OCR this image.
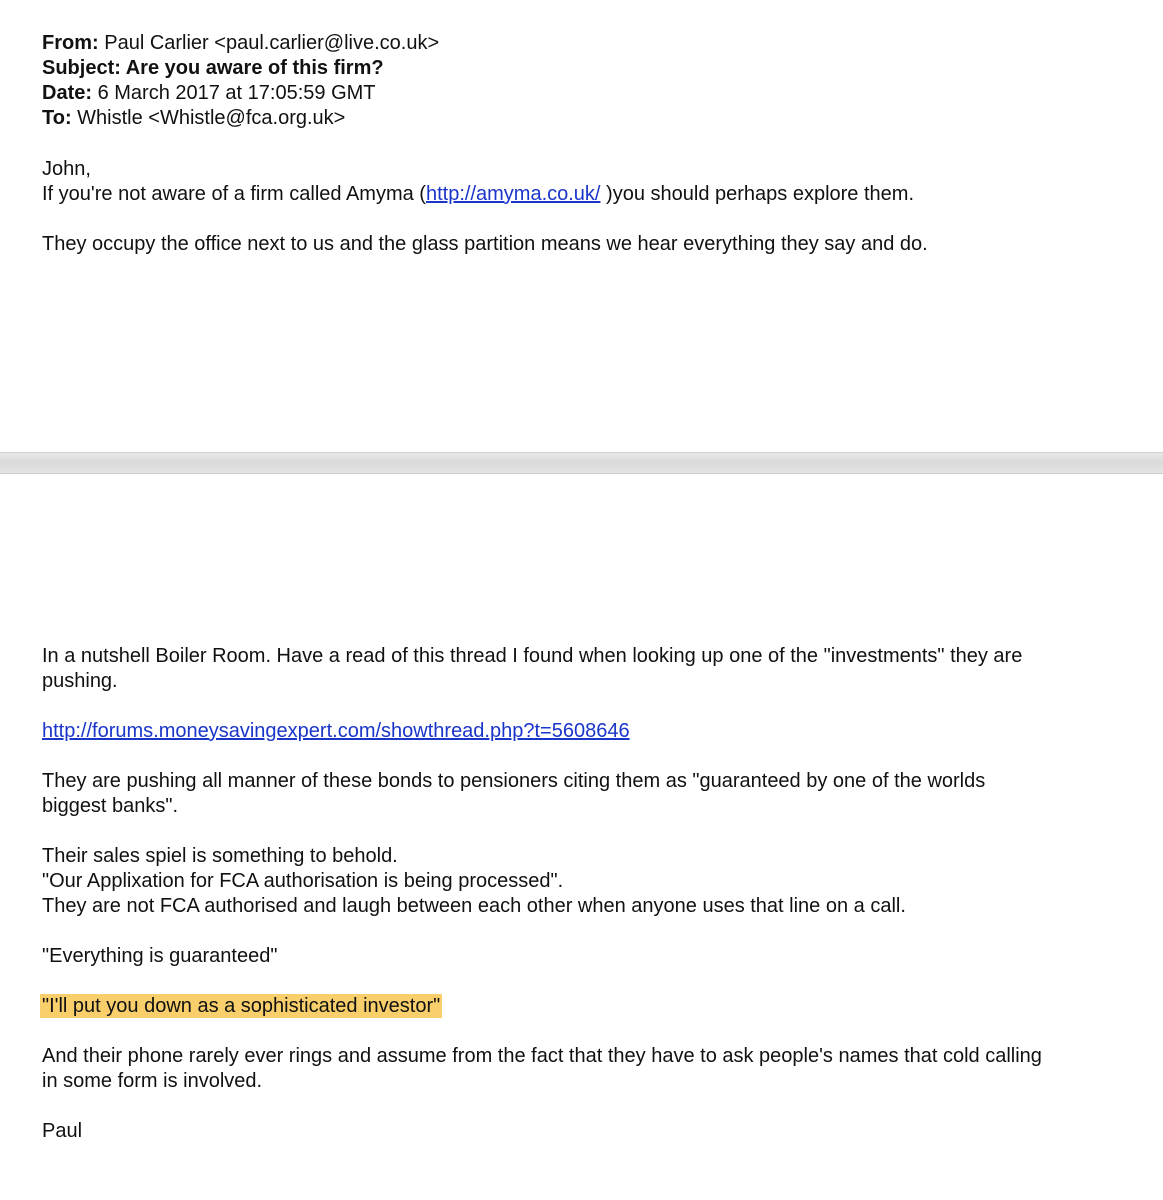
From: Paul Carlier <paul.carlier@live.co.uk>

Subject: Are you aware of this firm?

Date: 6 March 2017 at 17:05:59 GMT

To: Whistle <Whistle@fca.org.uk>

John,

If you're not aware of a firm called Amyma (http://amyma.co.uk/ )you should perhaps explore them.

They occupy the office next to us and the glass partition means we hear everything they say and do.

In a nutshell Boiler Room. Have a read of this thread I found when looking up one of the "investments" they are

pushing.

http://forums.moneysavingexpert.com/showthread.php?t=5608646

They are pushing all manner of these bonds to pensioners citing them as "guaranteed by one of the worlds

biggest banks".

Their sales spiel is something to behold.

"Our Applixation for FCA authorisation is being processed".

They are not FCA authorised and laugh between each other when anyone uses that line on a call.

"Everything is guaranteed"

"I'll put you down as a sophisticated investor"

And their phone rarely ever rings and assume from the fact that they have to ask people's names that cold calling

in some form is involved.

Paul
